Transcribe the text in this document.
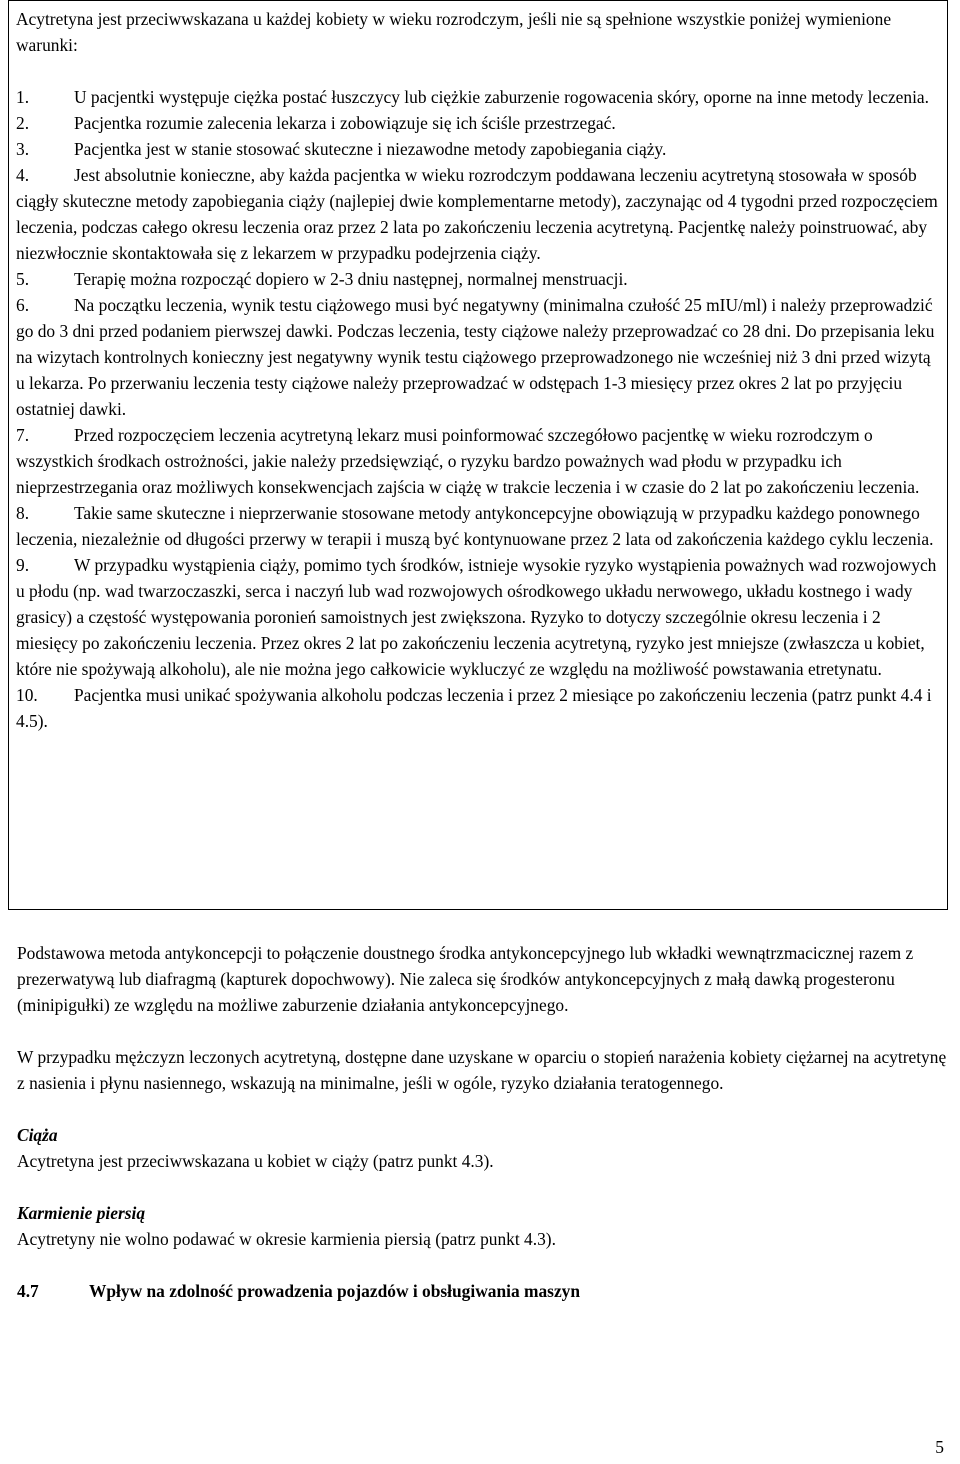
Acytretyna jest przeciwwskazana u każdej kobiety w wieku rozrodczym, jeśli nie są spełnione wszystkie poniżej wymienione warunki:

1.	U pacjentki występuje ciężka postać łuszczycy lub ciężkie zaburzenie rogowacenia skóry, oporne na inne metody leczenia.
2.	Pacjentka rozumie zalecenia lekarza i zobowiązuje się ich ściśle przestrzegać.
3.	Pacjentka jest w stanie stosować skuteczne i niezawodne metody zapobiegania ciąży.
4.	Jest absolutnie konieczne, aby każda pacjentka w wieku rozrodczym poddawana leczeniu acytretyną stosowała w sposób ciągły skuteczne metody zapobiegania ciąży (najlepiej dwie komplementarne metody), zaczynając od 4 tygodni przed rozpoczęciem leczenia, podczas całego okresu leczenia oraz przez 2 lata po zakończeniu leczenia acytretyną. Pacjentkę należy poinstruować, aby niezwłocznie skontaktowała się z lekarzem w przypadku podejrzenia ciąży.
5.	Terapię można rozpocząć dopiero w 2-3 dniu następnej, normalnej menstruacji.
6.	Na początku leczenia, wynik testu ciążowego musi być negatywny (minimalna czułość 25 mIU/ml) i należy przeprowadzić go do 3 dni przed podaniem pierwszej dawki. Podczas leczenia, testy ciążowe należy przeprowadzać co 28 dni. Do przepisania leku na wizytach kontrolnych konieczny jest negatywny wynik testu ciążowego przeprowadzonego nie wcześniej niż 3 dni przed wizytą u lekarza. Po przerwaniu leczenia testy ciążowe należy przeprowadzać w odstępach 1-3 miesięcy przez okres 2 lat po przyjęciu ostatniej dawki.
7.	Przed rozpoczęciem leczenia acytretyną lekarz musi poinformować szczegółowo pacjentkę w wieku rozrodczym o wszystkich środkach ostrożności, jakie należy przedsięwziąć, o ryzyku bardzo poważnych wad płodu w przypadku ich nieprzestrzegania oraz możliwych konsekwencjach zajścia w ciążę w trakcie leczenia i w czasie do 2 lat po zakończeniu leczenia.
8.	Takie same skuteczne i nieprzerwanie stosowane metody antykoncepcyjne obowiązują w przypadku każdego ponownego leczenia, niezależnie od długości przerwy w terapii i muszą być kontynuowane przez 2 lata od zakończenia każdego cyklu leczenia.
9.	W przypadku wystąpienia ciąży, pomimo tych środków, istnieje wysokie ryzyko wystąpienia poważnych wad rozwojowych u płodu (np. wad twarzoczaszki, serca i naczyń lub wad rozwojowych ośrodkowego układu nerwowego, układu kostnego i wady grasicy) a częstość występowania poronień samoistnych jest zwiększona. Ryzyko to dotyczy szczególnie okresu leczenia i 2 miesięcy po zakończeniu leczenia. Przez okres 2 lat po zakończeniu leczenia acytretyną, ryzyko jest mniejsze (zwłaszcza u kobiet, które nie spożywają alkoholu), ale nie można jego całkowicie wykluczyć ze względu na możliwość powstawania etretynatu.
10. Pacjentka musi unikać spożywania alkoholu podczas leczenia i przez 2 miesiące po zakończeniu leczenia (patrz punkt 4.4 i 4.5).

Podstawowa metoda antykoncepcji to połączenie doustnego środka antykoncepcyjnego lub wkładki wewnątrzmacicznej razem z prezerwatywą lub diafragmą (kapturek dopochwowy). Nie zaleca się środków antykoncepcyjnych z małą dawką progesteronu (minipigułki) ze względu na możliwe zaburzenie działania antykoncepcyjnego.

W przypadku mężczyzn leczonych acytretyną, dostępne dane uzyskane w oparciu o stopień narażenia kobiety ciężarnej na acytretynę z nasienia i płynu nasiennego, wskazują na minimalne, jeśli w ogóle, ryzyko działania teratogennego.

Ciąża

Acytretyna jest przeciwwskazana u kobiet w ciąży (patrz punkt 4.3).

Karmienie piersią

Acytretyny nie wolno podawać w okresie karmienia piersią (patrz punkt 4.3).

4.7	Wpływ na zdolność prowadzenia pojazdów i obsługiwania maszyn

5
